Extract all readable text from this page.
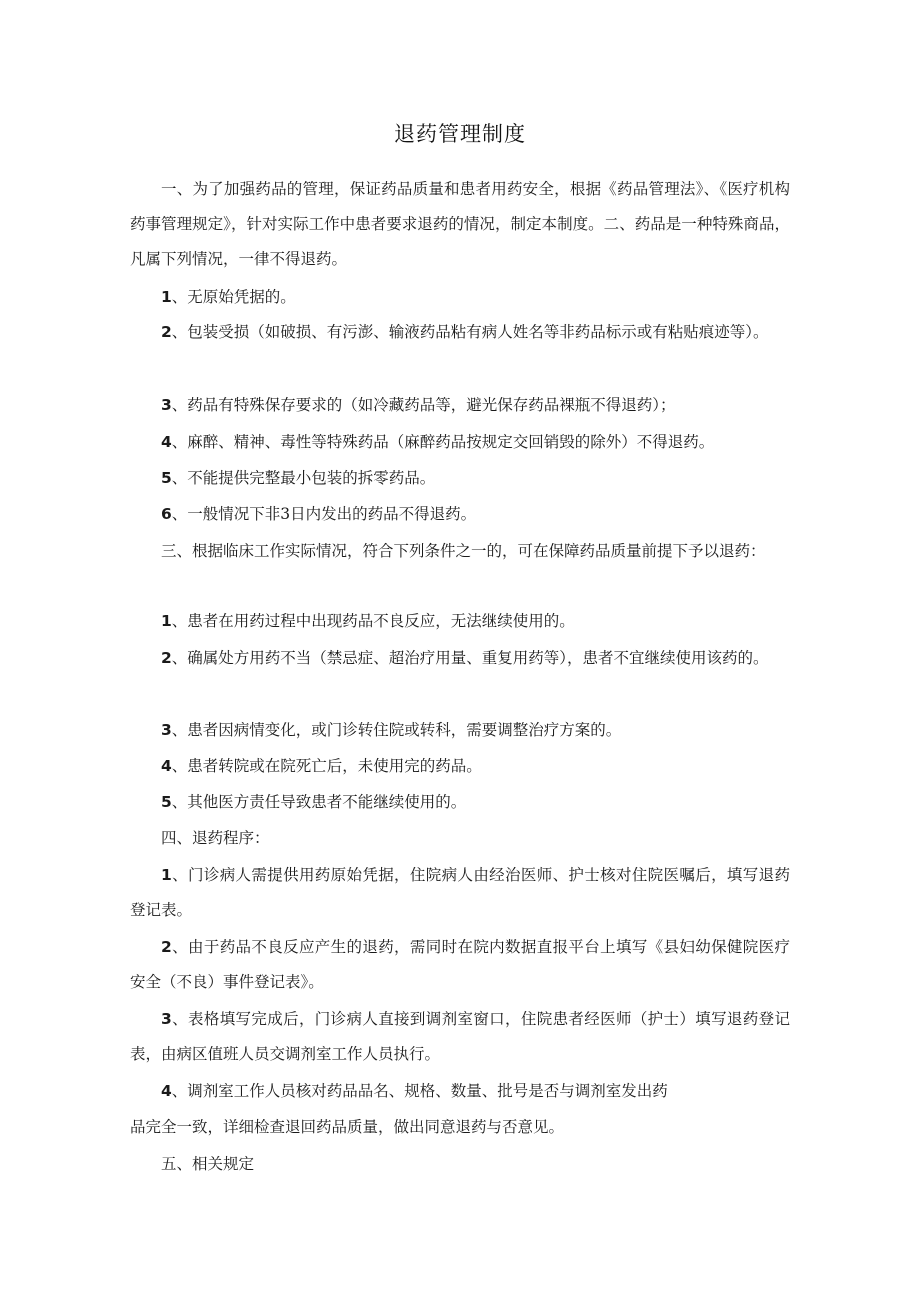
退药管理制度

一、为了加强药品的管理，保证药品质量和患者用药安全，根据《药品管理法》、《医疗机构药事管理规定》，针对实际工作中患者要求退药的情况，制定本制度。二、药品是一种特殊商品，凡属下列情况，一律不得退药。

1、无原始凭据的。

2、包装受损（如破损、有污澎、输液药品粘有病人姓名等非药品标示或有粘贴痕迹等）。

3、药品有特殊保存要求的（如冷藏药品等，避光保存药品裸瓶不得退药）；

4、麻醉、精神、毒性等特殊药品（麻醉药品按规定交回销毁的除外）不得退药。

5、不能提供完整最小包装的拆零药品。

6、一般情况下非3日内发出的药品不得退药。

三、根据临床工作实际情况，符合下列条件之一的，可在保障药品质量前提下予以退药：

1、患者在用药过程中出现药品不良反应，无法继续使用的。

2、确属处方用药不当（禁忌症、超治疗用量、重复用药等），患者不宜继续使用该药的。

3、患者因病情变化，或门诊转住院或转科，需要调整治疗方案的。

4、患者转院或在院死亡后，未使用完的药品。

5、其他医方责任导致患者不能继续使用的。

四、退药程序：

1、门诊病人需提供用药原始凭据，住院病人由经治医师、护士核对住院医嘱后，填写退药登记表。

2、由于药品不良反应产生的退药，需同时在院内数据直报平台上填写《县妇幼保健院医疗安全（不良）事件登记表》。

3、表格填写完成后，门诊病人直接到调剂室窗口，住院患者经医师（护士）填写退药登记表，由病区值班人员交调剂室工作人员执行。

4、调剂室工作人员核对药品品名、规格、数量、批号是否与调剂室发出药

品完全一致，详细检查退回药品质量，做出同意退药与否意见。

五、相关规定
